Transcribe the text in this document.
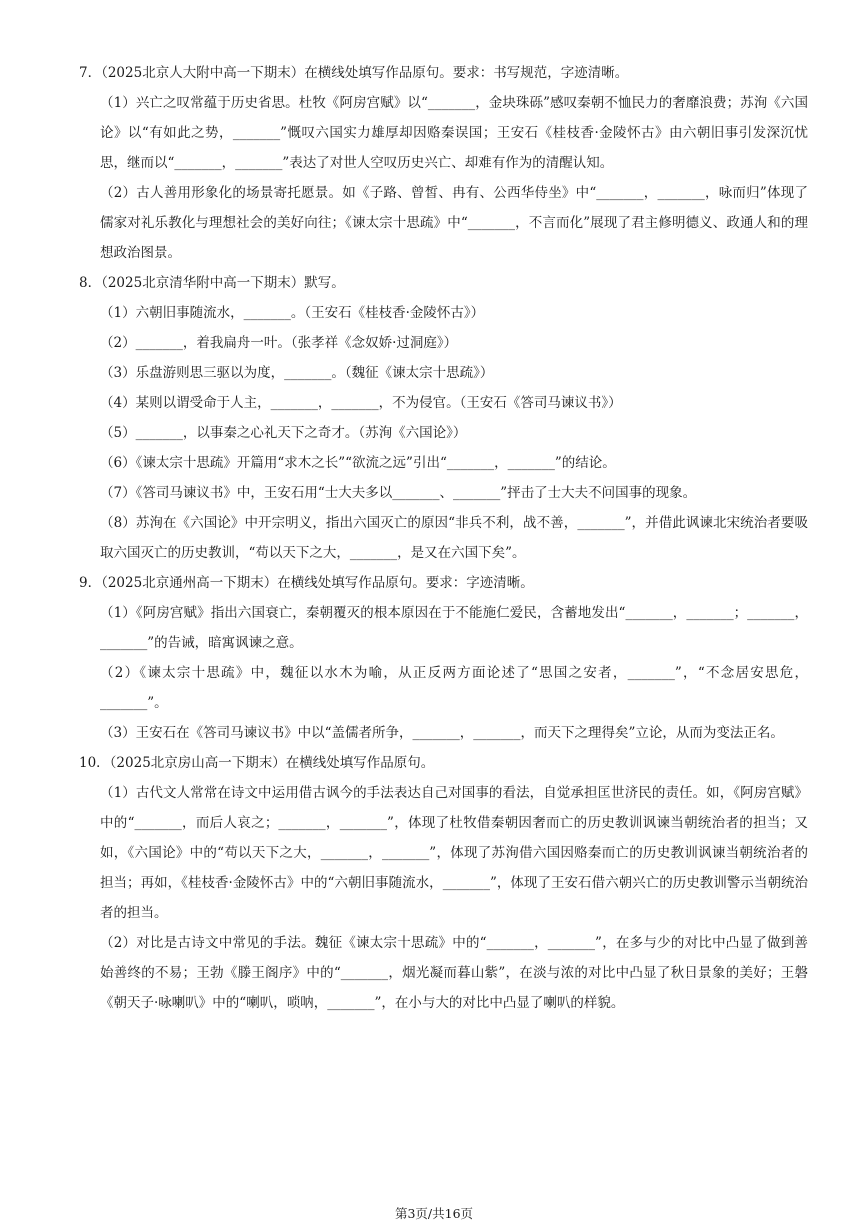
7．（2025北京人大附中高一下期末）在横线处填写作品原句。要求：书写规范，字迹清晰。

（1）兴亡之叹常蕴于历史省思。杜牧《阿房宫赋》以“_______，金块珠砾”感叹秦朝不恤民力的奢靡浪费；苏洵《六国论》以“有如此之势，_______”慨叹六国实力雄厚却因赂秦误国；王安石《桂枝香·金陵怀古》由六朝旧事引发深沉忧思，继而以“_______，_______”表达了对世人空叹历史兴亡、却难有作为的清醒认知。

（2）古人善用形象化的场景寄托愿景。如《子路、曾皙、冉有、公西华侍坐》中“_______，_______，咏而归”体现了儒家对礼乐教化与理想社会的美好向往；《谏太宗十思疏》中“_______，不言而化”展现了君主修明德义、政通人和的理想政治图景。

8．（2025北京清华附中高一下期末）默写。

（1）六朝旧事随流水，_______。（王安石《桂枝香·金陵怀古》）

（2）_______，着我扁舟一叶。（张孝祥《念奴娇·过洞庭》）

（3）乐盘游则思三驱以为度，_______。（魏征《谏太宗十思疏》）

（4）某则以谓受命于人主，_______，_______，不为侵官。（王安石《答司马谏议书》）

（5）_______，以事秦之心礼天下之奇才。（苏洵《六国论》）

（6）《谏太宗十思疏》开篇用“求木之长”“欲流之远”引出“_______，_______”的结论。

（7）《答司马谏议书》中，王安石用“士大夫多以_______、_______”抨击了士大夫不问国事的现象。

（8）苏洵在《六国论》中开宗明义，指出六国灭亡的原因“非兵不利，战不善，_______”，并借此讽谏北宋统治者要吸取六国灭亡的历史教训，“苟以天下之大，_______，是又在六国下矣”。

9．（2025北京通州高一下期末）在横线处填写作品原句。要求：字迹清晰。

（1）《阿房宫赋》指出六国衰亡，秦朝覆灭的根本原因在于不能施仁爱民，含蓄地发出“_______，_______；_______，_______”的告诫，暗寓讽谏之意。

（2）《谏太宗十思疏》中，魏征以水木为喻，从正反两方面论述了“思国之安者，_______”，“不念居安思危，_______”。

（3）王安石在《答司马谏议书》中以“盖儒者所争，_______，_______，而天下之理得矣”立论，从而为变法正名。

10．（2025北京房山高一下期末）在横线处填写作品原句。

（1）古代文人常常在诗文中运用借古讽今的手法表达自己对国事的看法，自觉承担匡世济民的责任。如，《阿房宫赋》中的“_______，而后人哀之；_______，_______”，体现了杜牧借秦朝因奢而亡的历史教训讽谏当朝统治者的担当；又如，《六国论》中的“苟以天下之大，_______，_______”，体现了苏洵借六国因赂秦而亡的历史教训讽谏当朝统治者的担当；再如，《桂枝香·金陵怀古》中的“六朝旧事随流水，_______”，体现了王安石借六朝兴亡的历史教训警示当朝统治者的担当。

（2）对比是古诗文中常见的手法。魏征《谏太宗十思疏》中的“_______，_______”，在多与少的对比中凸显了做到善始善终的不易；王勃《滕王阁序》中的“_______，烟光凝而暮山紫”，在淡与浓的对比中凸显了秋日景象的美好；王磐《朝天子·咏喇叭》中的“喇叭，唢呐，_______”，在小与大的对比中凸显了喇叭的样貌。

第3页/共16页
